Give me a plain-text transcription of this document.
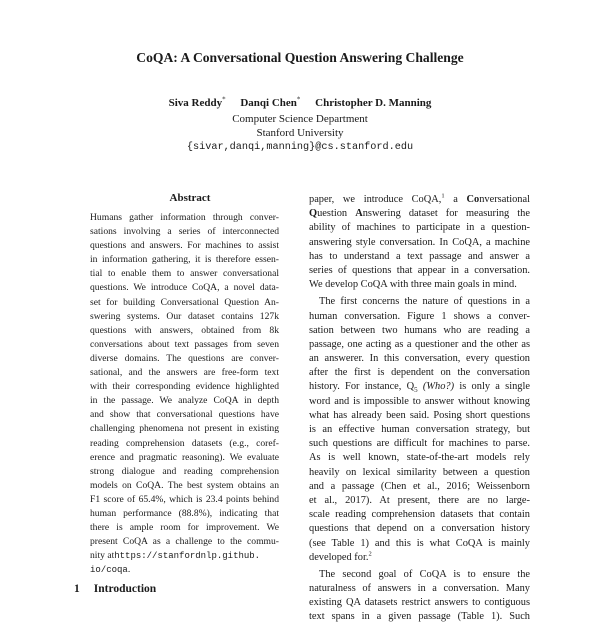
CoQA: A Conversational Question Answering Challenge
Siva Reddy* Danqi Chen* Christopher D. Manning
Computer Science Department
Stanford University
{sivar,danqi,manning}@cs.stanford.edu
Abstract
Humans gather information through conver-
sations involving a series of interconnected
questions and answers. For machines to assist
in information gathering, it is therefore essen-
tial to enable them to answer conversational
questions. We introduce CoQA, a novel data-
set for building Conversational Question An-
swering systems. Our dataset contains 127k
questions with answers, obtained from 8k
conversations about text passages from seven
diverse domains. The questions are conver-
sational, and the answers are free-form text
with their corresponding evidence highlighted
in the passage. We analyze CoQA in depth
and show that conversational questions have
challenging phenomena not present in existing
reading comprehension datasets (e.g., coref-
erence and pragmatic reasoning). We evaluate
strong dialogue and reading comprehension
models on CoQA. The best system obtains an
F1 score of 65.4%, which is 23.4 points behind
human performance (88.8%), indicating that
there is ample room for improvement. We
present CoQA as a challenge to the commu-
nity athttps://stanfordnlp.github.
io/coqa.
1 Introduction
paper, we introduce CoQA,$^1$ a Conversational
Question Answering dataset for measuring the
ability of machines to participate in a question-
answering style conversation. In CoQA, a machine
has to understand a text passage and answer a
series of questions that appear in a conversation.
We develop CoQA with three main goals in mind.
The first concerns the nature of questions in a
human conversation. Figure 1 shows a conver-
sation between two humans who are reading a
passage, one acting as a questioner and the other as
an answerer. In this conversation, every question
after the first is dependent on the conversation
history. For instance, $Q_5$ (Who?) is only a single
word and is impossible to answer without knowing
what has already been said. Posing short questions
is an effective human conversation strategy, but
such questions are difficult for machines to parse.
As is well known, state-of-the-art models rely
heavily on lexical similarity between a question
and a passage (Chen et al., 2016; Weissenborn
et al., 2017). At present, there are no large-
scale reading comprehension datasets that contain
questions that depend on a conversation history
(see Table 1) and this is what CoQA is mainly
developed for.$^2$
The second goal of CoQA is to ensure the
naturalness of answers in a conversation. Many
existing QA datasets restrict answers to contiguous
text spans in a given passage (Table 1). Such
